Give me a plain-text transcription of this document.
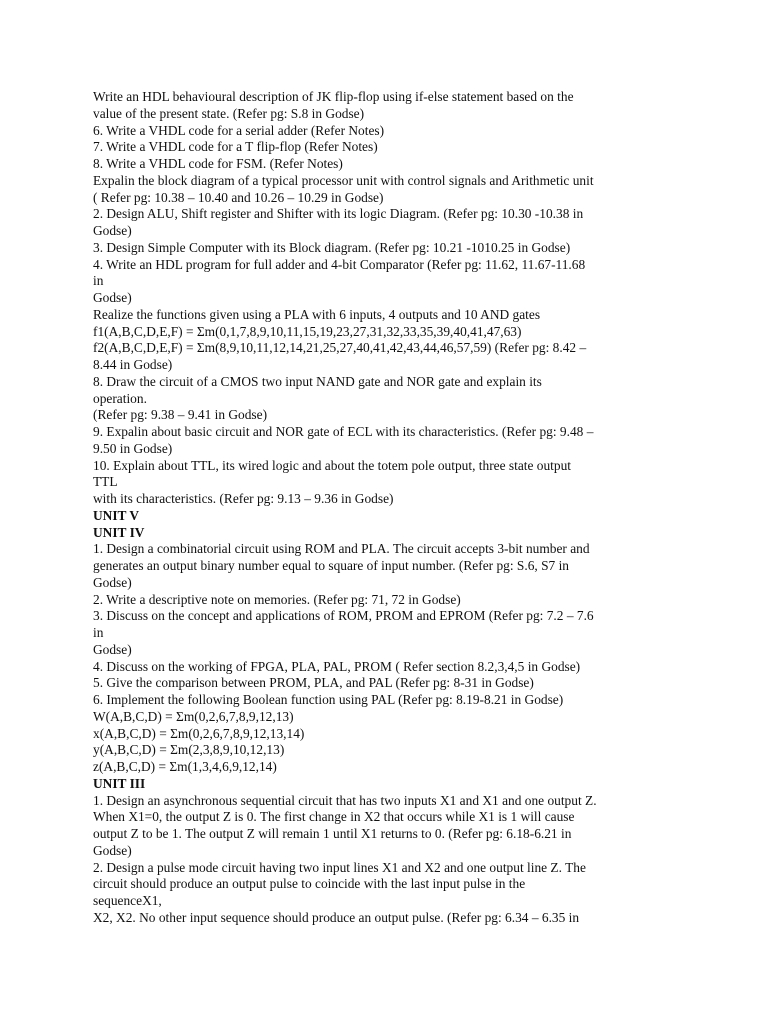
Write an HDL behavioural description of JK flip-flop using if-else statement based on the
value of the present state. (Refer pg: S.8 in Godse)
6. Write a VHDL code for a serial adder (Refer Notes)
7. Write a VHDL code for a T flip-flop (Refer Notes)
8. Write a VHDL code for FSM. (Refer Notes)
Expalin the block diagram of a typical processor unit with control signals and Arithmetic unit
( Refer pg: 10.38 – 10.40 and 10.26 – 10.29 in Godse)
2. Design ALU, Shift register and Shifter with its logic Diagram. (Refer pg: 10.30 -10.38 in
Godse)
3. Design Simple Computer with its Block diagram. (Refer pg: 10.21 -1010.25 in Godse)
4. Write an HDL program for full adder and 4-bit Comparator (Refer pg: 11.62, 11.67-11.68
in
Godse)
Realize the functions given using a PLA with 6 inputs, 4 outputs and 10 AND gates
f1(A,B,C,D,E,F) = Σm(0,1,7,8,9,10,11,15,19,23,27,31,32,33,35,39,40,41,47,63)
f2(A,B,C,D,E,F) = Σm(8,9,10,11,12,14,21,25,27,40,41,42,43,44,46,57,59) (Refer pg: 8.42 –
8.44 in Godse)
8. Draw the circuit of a CMOS two input NAND gate and NOR gate and explain its
operation.
(Refer pg: 9.38 – 9.41 in Godse)
9. Expalin about basic circuit and NOR gate of ECL with its characteristics. (Refer pg: 9.48 –
9.50 in Godse)
10. Explain about TTL, its wired logic and about the totem pole output, three state output
TTL
with its characteristics. (Refer pg: 9.13 – 9.36 in Godse)
UNIT V
UNIT IV
1. Design a combinatorial circuit using ROM and PLA. The circuit accepts 3-bit number and
generates an output binary number equal to square of input number. (Refer pg: S.6, S7 in
Godse)
2. Write a descriptive note on memories. (Refer pg: 71, 72 in Godse)
3. Discuss on the concept and applications of ROM, PROM and EPROM (Refer pg: 7.2 – 7.6
in
Godse)
4. Discuss on the working of FPGA, PLA, PAL, PROM ( Refer section 8.2,3,4,5 in Godse)
5. Give the comparison between PROM, PLA, and PAL (Refer pg: 8-31 in Godse)
6. Implement the following Boolean function using PAL (Refer pg: 8.19-8.21 in Godse)
W(A,B,C,D) = Σm(0,2,6,7,8,9,12,13)
x(A,B,C,D) = Σm(0,2,6,7,8,9,12,13,14)
y(A,B,C,D) = Σm(2,3,8,9,10,12,13)
z(A,B,C,D) = Σm(1,3,4,6,9,12,14)
UNIT III
1. Design an asynchronous sequential circuit that has two inputs X1 and X1 and one output Z.
When X1=0, the output Z is 0. The first change in X2 that occurs while X1 is 1 will cause
output Z to be 1. The output Z will remain 1 until X1 returns to 0. (Refer pg: 6.18-6.21 in
Godse)
2. Design a pulse mode circuit having two input lines X1 and X2 and one output line Z. The
circuit should produce an output pulse to coincide with the last input pulse in the
sequenceX1,
X2, X2. No other input sequence should produce an output pulse. (Refer pg: 6.34 – 6.35 in
